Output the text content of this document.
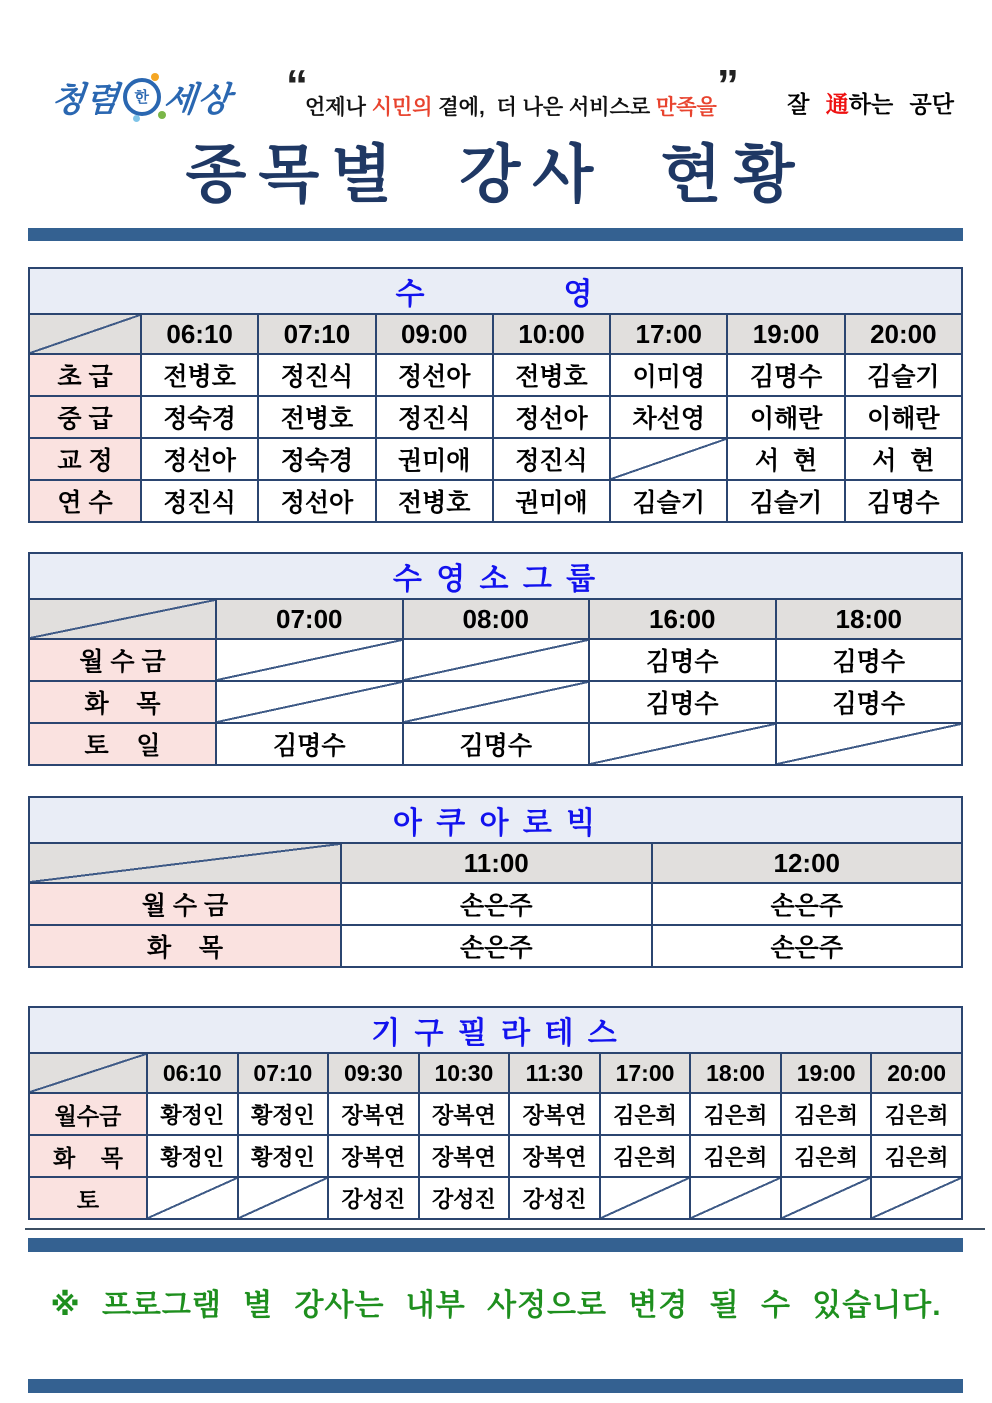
청렴 한 세상 “언제나 시민의 곁에,  더 나은 서비스로 만족을” 잘 通하는 공단
종목별 강사 현황
수            영							
	06:10	07:10	09:00	10:00	17:00	19:00	20:00
초 급	전병호	정진식	정선아	전병호	이미영	김명수	김슬기
중 급	정숙경	전병호	정진식	정선아	차선영	이해란	이해란
교 정	정선아	정숙경	권미애	정진식		서  현	서  현
연 수	정진식	정선아	전병호	권미애	김슬기	김슬기	김명수
수 영 소 그 룹				
	07:00	08:00	16:00	18:00
월 수 금			김명수	김명수
화    목			김명수	김명수
토    일	김명수	김명수		
아 쿠 아 로 빅		
	11:00	12:00
월 수 금	손은주	손은주
화    목	손은주	손은주
기 구 필 라 테 스									
	06:10	07:10	09:30	10:30	11:30	17:00	18:00	19:00	20:00
월수금	황정인	황정인	장복연	장복연	장복연	김은희	김은희	김은희	김은희
화    목	황정인	황정인	장복연	장복연	장복연	김은희	김은희	김은희	김은희
토			강성진	강성진	강성진				
※ 프로그램 별 강사는 내부 사정으로 변경 될 수 있습니다.
